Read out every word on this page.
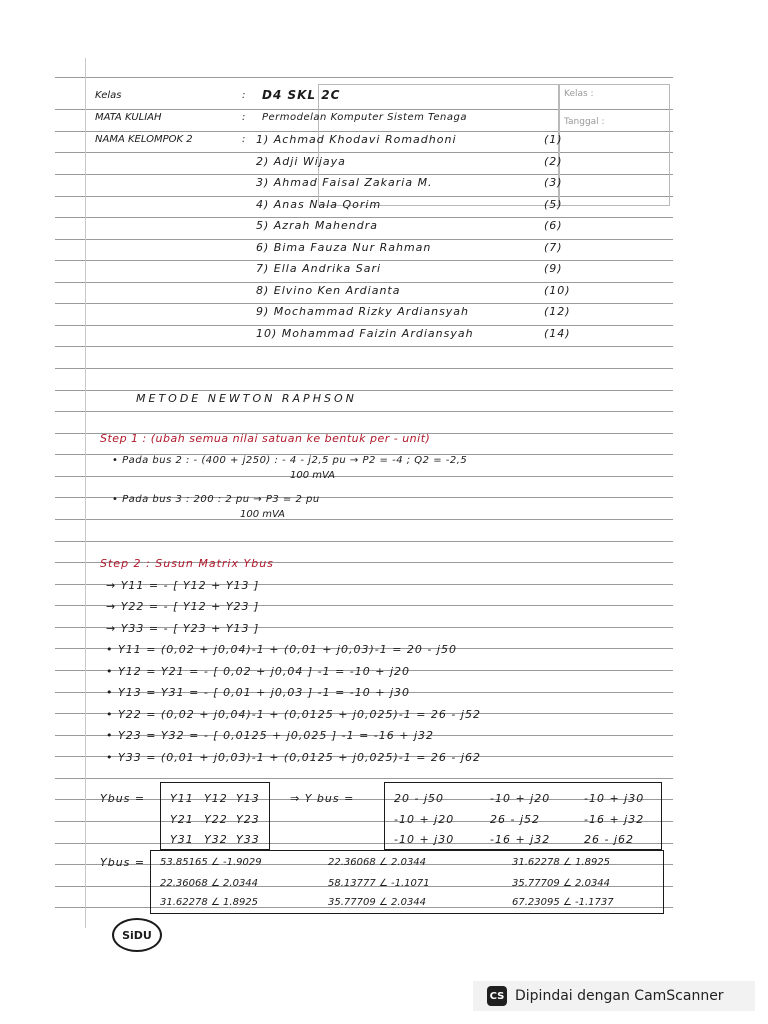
Kelas :
Tanggal :
Kelas	: D4 SKL 2C
MATA KULIAH	: Permodelan Komputer Sistem Tenaga
NAMA KELOMPOK 2	: 1) Achmad Khodavi Romadhoni	(1)
2) Adji Wijaya	(2)
3) Ahmad Faisal Zakaria M.	(3)
4) Anas Nala Qorim	(5)
5) Azrah Mahendra	(6)
6) Bima Fauza Nur Rahman	(7)
7) Ella Andrika Sari	(9)
8) Elvino Ken Ardianta	(10)
9) Mochammad Rizky Ardiansyah	(12)
10) Mohammad Faizin Ardiansyah	(14)
METODE NEWTON RAPHSON
Step 1 : (ubah semua nilai satuan ke bentuk per - unit)
• Pada bus 2 : - (400 + j250) : - 4 - j2,5 pu → P2 = -4 ; Q2 = -2,5
100 mVA
• Pada bus 3 : 200 : 2 pu → P3 = 2 pu
100 mVA
Step 2 : Susun Matrix Ybus
→ Y11 = - [ Y12 + Y13 ]
→ Y22 = - [ Y12 + Y23 ]
→ Y33 = - [ Y23 + Y13 ]
• Y11 = (0,02 + j0,04)-1 + (0,01 + j0,03)-1 = 20 - j50
• Y12 = Y21 = - [ 0,02 + j0,04 ] -1 = -10 + j20
• Y13 = Y31 = - [ 0,01 + j0,03 ] -1 = -10 + j30
• Y22 = (0,02 + j0,04)-1 + (0,0125 + j0,025)-1 = 26 - j52
• Y23 = Y32 = - [ 0,0125 + j0,025 ] -1 = -16 + j32
• Y33 = (0,01 + j0,03)-1 + (0,0125 + j0,025)-1 = 26 - j62
Ybus = Y11 Y12 Y13
Y21 Y22 Y23
Y31 Y32 Y33
⇒ Y bus =	20 - j50	-10 + j20	-10 + j30
-10 + j20	26 - j52	-16 + j32
-10 + j30	-16 + j32	26 - j62
Ybus = 53.85165 ∠ -1.9029	22.36068 ∠ 2.0344	31.62278 ∠ 1.8925
22.36068 ∠ 2.0344	58.13777 ∠ -1.1071	35.77709 ∠ 2.0344
31.62278 ∠ 1.8925	35.77709 ∠ 2.0344	67.23095 ∠ -1.1737
SiDU
CS Dipindai dengan CamScanner
